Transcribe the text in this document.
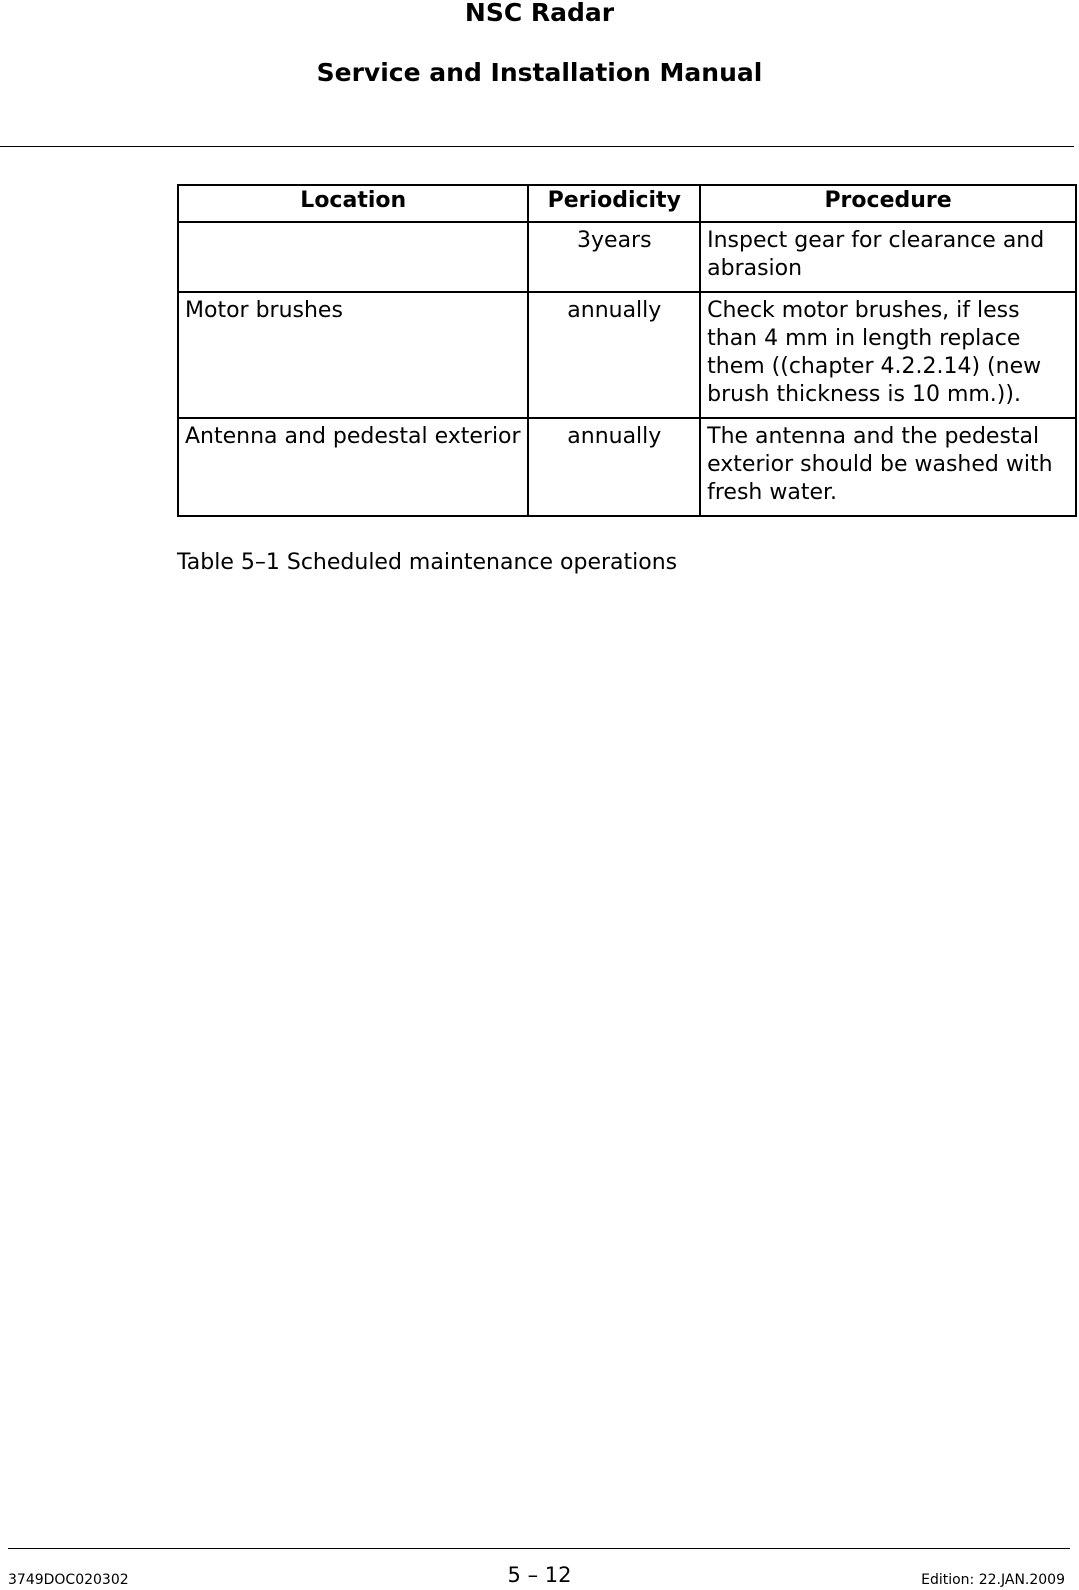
NSC Radar
Service and Installation Manual
Location	Periodicity	Procedure
	3years	Inspect gear for clearance and abrasion
Motor brushes	annually	Check motor brushes, if less than 4 mm in length replace them ((chapter 4.2.2.14) (new brush thickness is 10 mm.)).
Antenna and pedestal exterior	annually	The antenna and the pedestal exterior should be washed with fresh water.

Table 5–1 Scheduled maintenance operations

3749DOC020302	5 – 12	Edition: 22.JAN.2009
